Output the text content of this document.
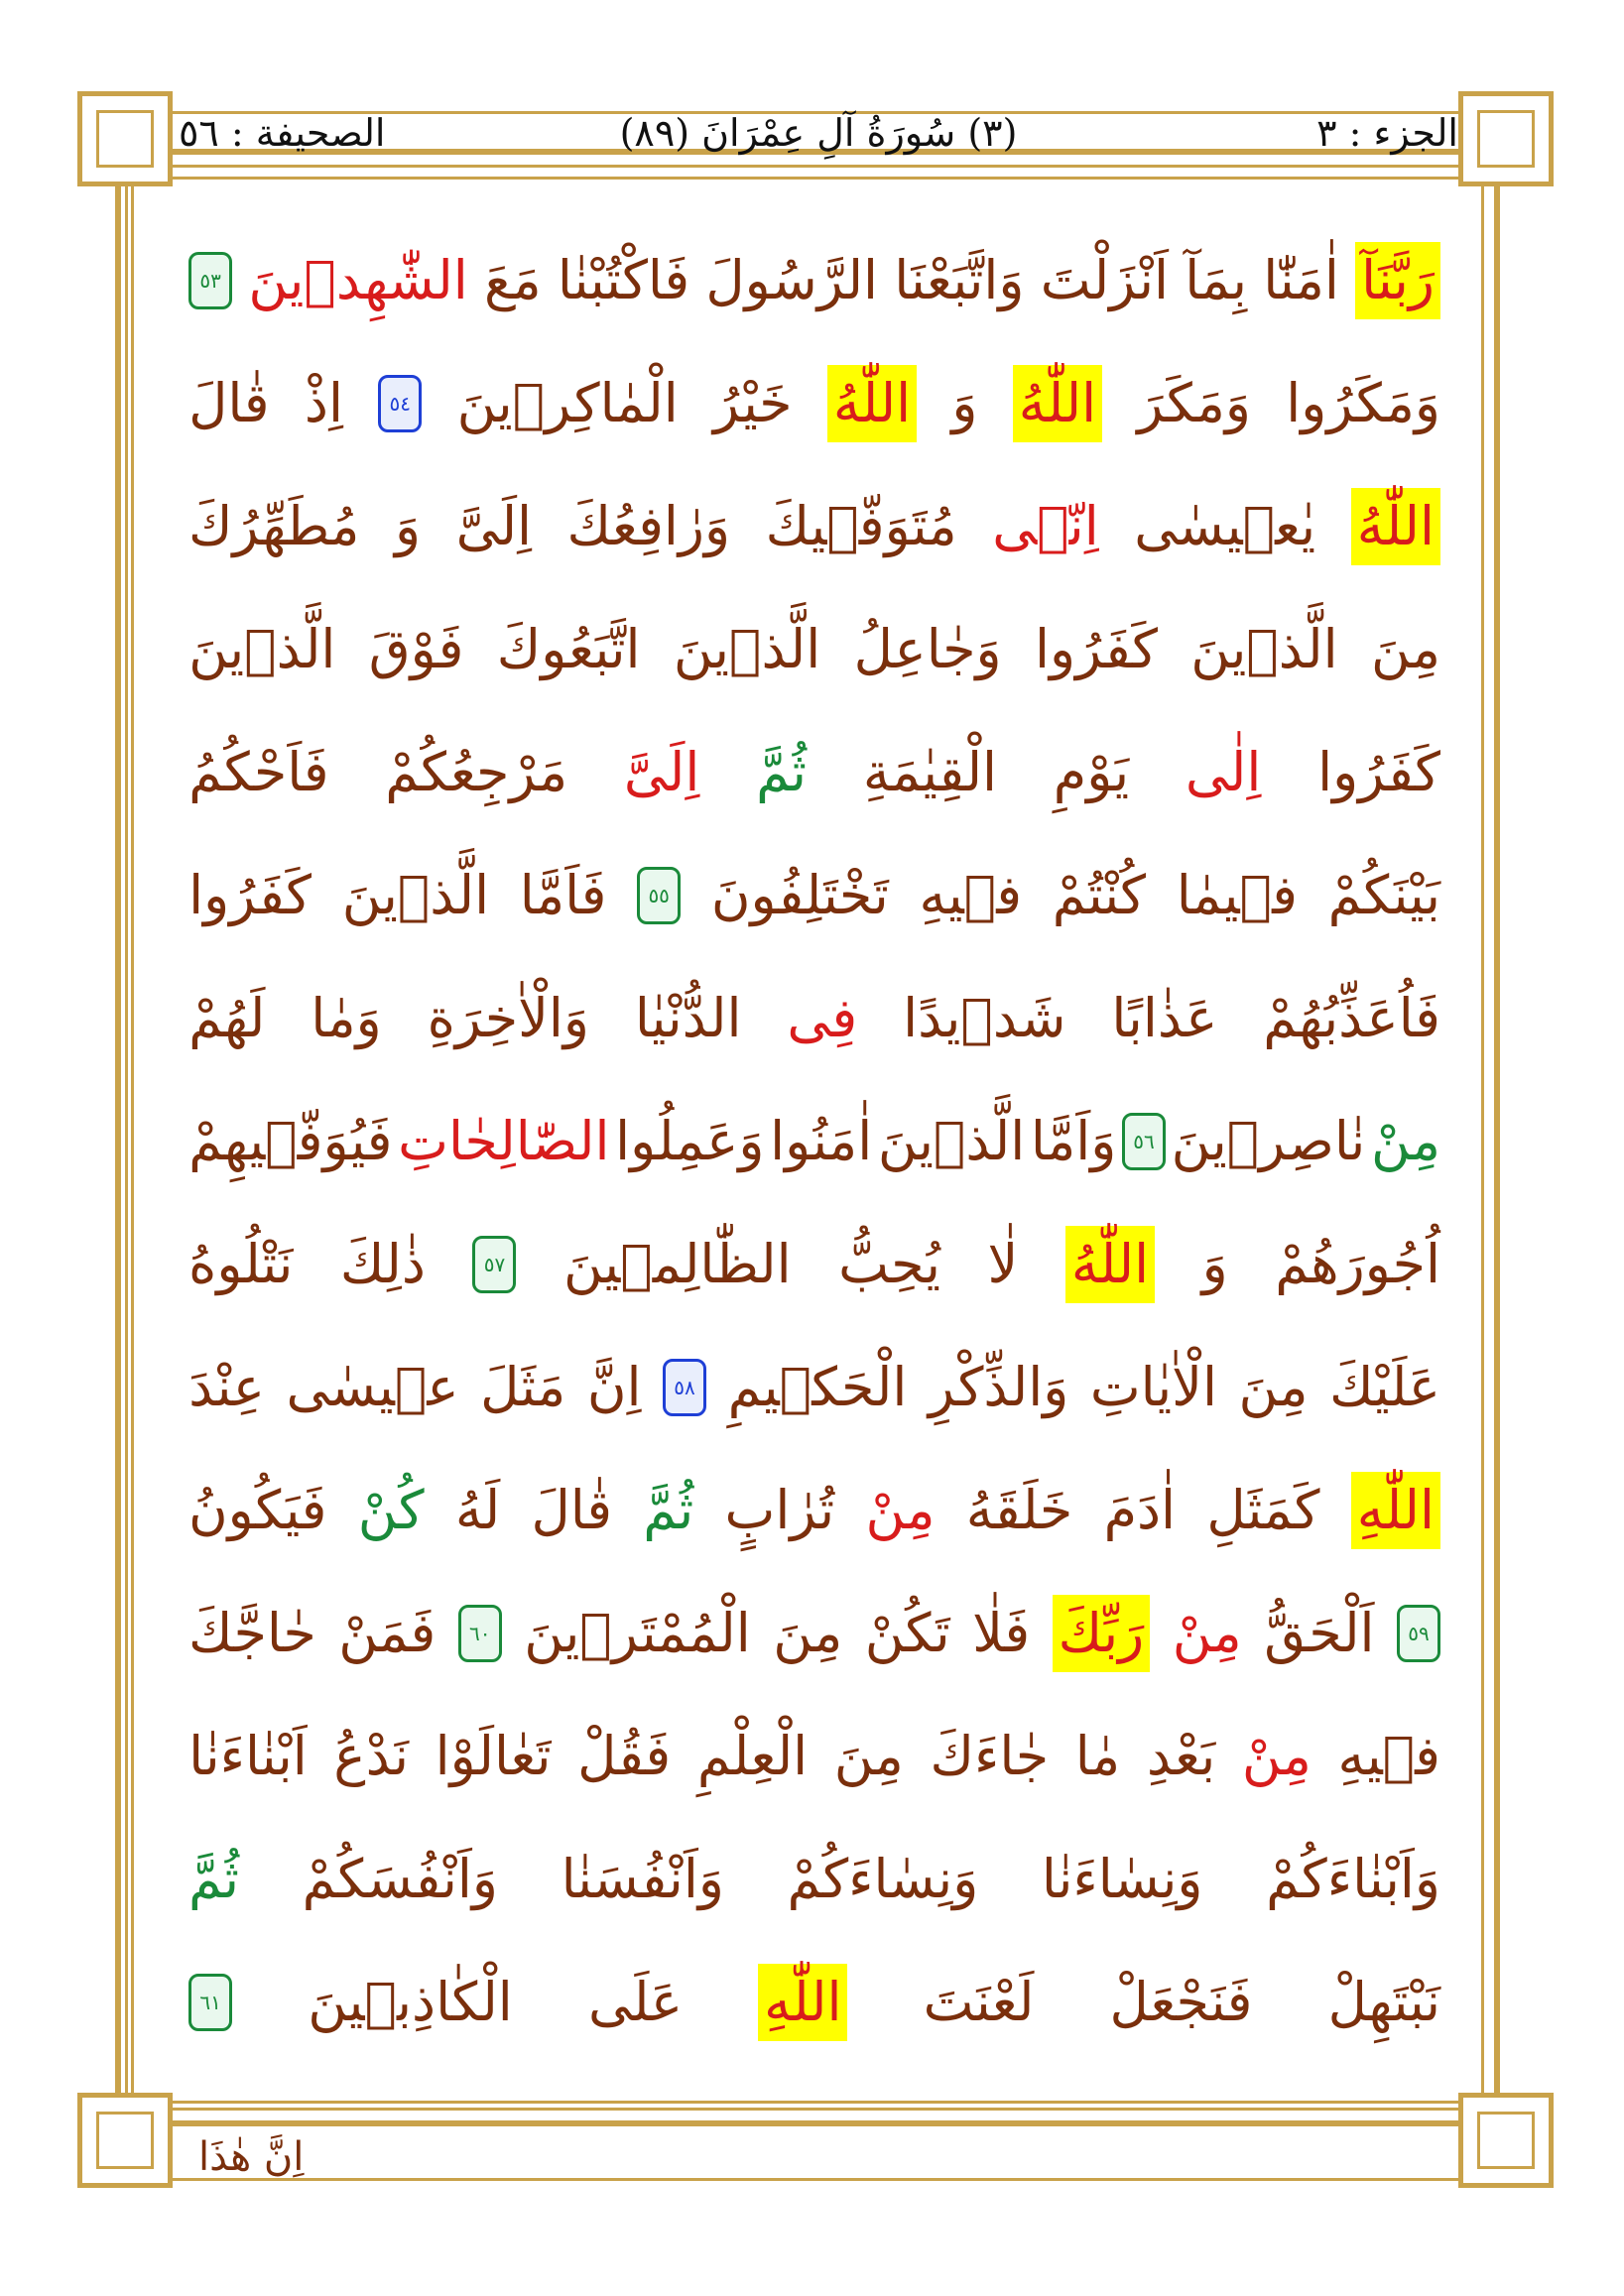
الجزء : ٣
(٣) سُورَةُ آلِ عِمْرَانَ (٨٩)
الصحيفة : ٥٦
رَبَّنَآ
اٰمَنّٰا
بِمَآ
اَنْزَلْتَ
وَاتَّبَعْنَا
الرَّسُولَ
فَاكْتُبْنٰا
مَعَ
الشّٰهِدٖينَ
٥٣
وَمَكَرُوا
وَمَكَرَ
اللّٰهُ
وَ
اللّٰهُ
خَيْرُ
الْمٰاكِرٖينَ
٥٤
اِذْ
قٰالَ
اللّٰهُ
يٰعٖيسٰى
اِنّٖى
مُتَوَفّٖيكَ
وَرٰافِعُكَ
اِلَىَّ
وَ
مُطَهِّرُكَ
مِنَ
الَّذٖينَ
كَفَرُوا
وَجٰاعِلُ
الَّذٖينَ
اتَّبَعُوكَ
فَوْقَ
الَّذٖينَ
كَفَرُوا
اِلٰى
يَوْمِ
الْقِيٰمَةِ
ثُمَّ
اِلَىَّ
مَرْجِعُكُمْ
فَاَحْكُمُ
بَيْنَكُمْ
فٖيمٰا
كُنْتُمْ
فٖيهِ
تَخْتَلِفُونَ
٥٥
فَاَمَّا
الَّذٖينَ
كَفَرُوا
فَاُعَذِّبُهُمْ
عَذٰابًا
شَدٖيدًا
فِى
الدُّنْيٰا
وَالْاٰخِرَةِ
وَمٰا
لَهُمْ
مِنْ
نٰاصِرٖينَ
٥٦
وَاَمَّا
الَّذٖينَ
اٰمَنُوا
وَعَمِلُوا
الصّٰالِحٰاتِ
فَيُوَفّٖيهِمْ
اُجُورَهُمْ
وَ
اللّٰهُ
لٰا
يُحِبُّ
الظّٰالِمٖينَ
٥٧
ذٰلِكَ
نَتْلُوهُ
عَلَيْكَ
مِنَ
الْاٰيٰاتِ
وَالذِّكْرِ
الْحَكٖيمِ
٥٨
اِنَّ
مَثَلَ
عٖيسٰى
عِنْدَ
اللّٰهِ
كَمَثَلِ
اٰدَمَ
خَلَقَهُ
مِنْ
تُرٰابٍ
ثُمَّ
قٰالَ
لَهُ
كُنْ
فَيَكُونُ
٥٩
اَلْحَقُّ
مِنْ
رَبِّكَ
فَلٰا
تَكُنْ
مِنَ
الْمُمْتَرٖينَ
٦٠
فَمَنْ
حٰاجَّكَ
فٖيهِ
مِنْ
بَعْدِ
مٰا
جٰاءَكَ
مِنَ
الْعِلْمِ
فَقُلْ
تَعٰالَوْا
نَدْعُ
اَبْنٰاءَنٰا
وَاَبْنٰاءَكُمْ
وَنِسٰاءَنٰا
وَنِسٰاءَكُمْ
وَاَنْفُسَنٰا
وَاَنْفُسَكُمْ
ثُمَّ
نَبْتَهِلْ
فَنَجْعَلْ
لَعْنَتَ
اللّٰهِ
عَلَى
الْكٰاذِبٖينَ
٦١
اِنَّ هٰذَا
